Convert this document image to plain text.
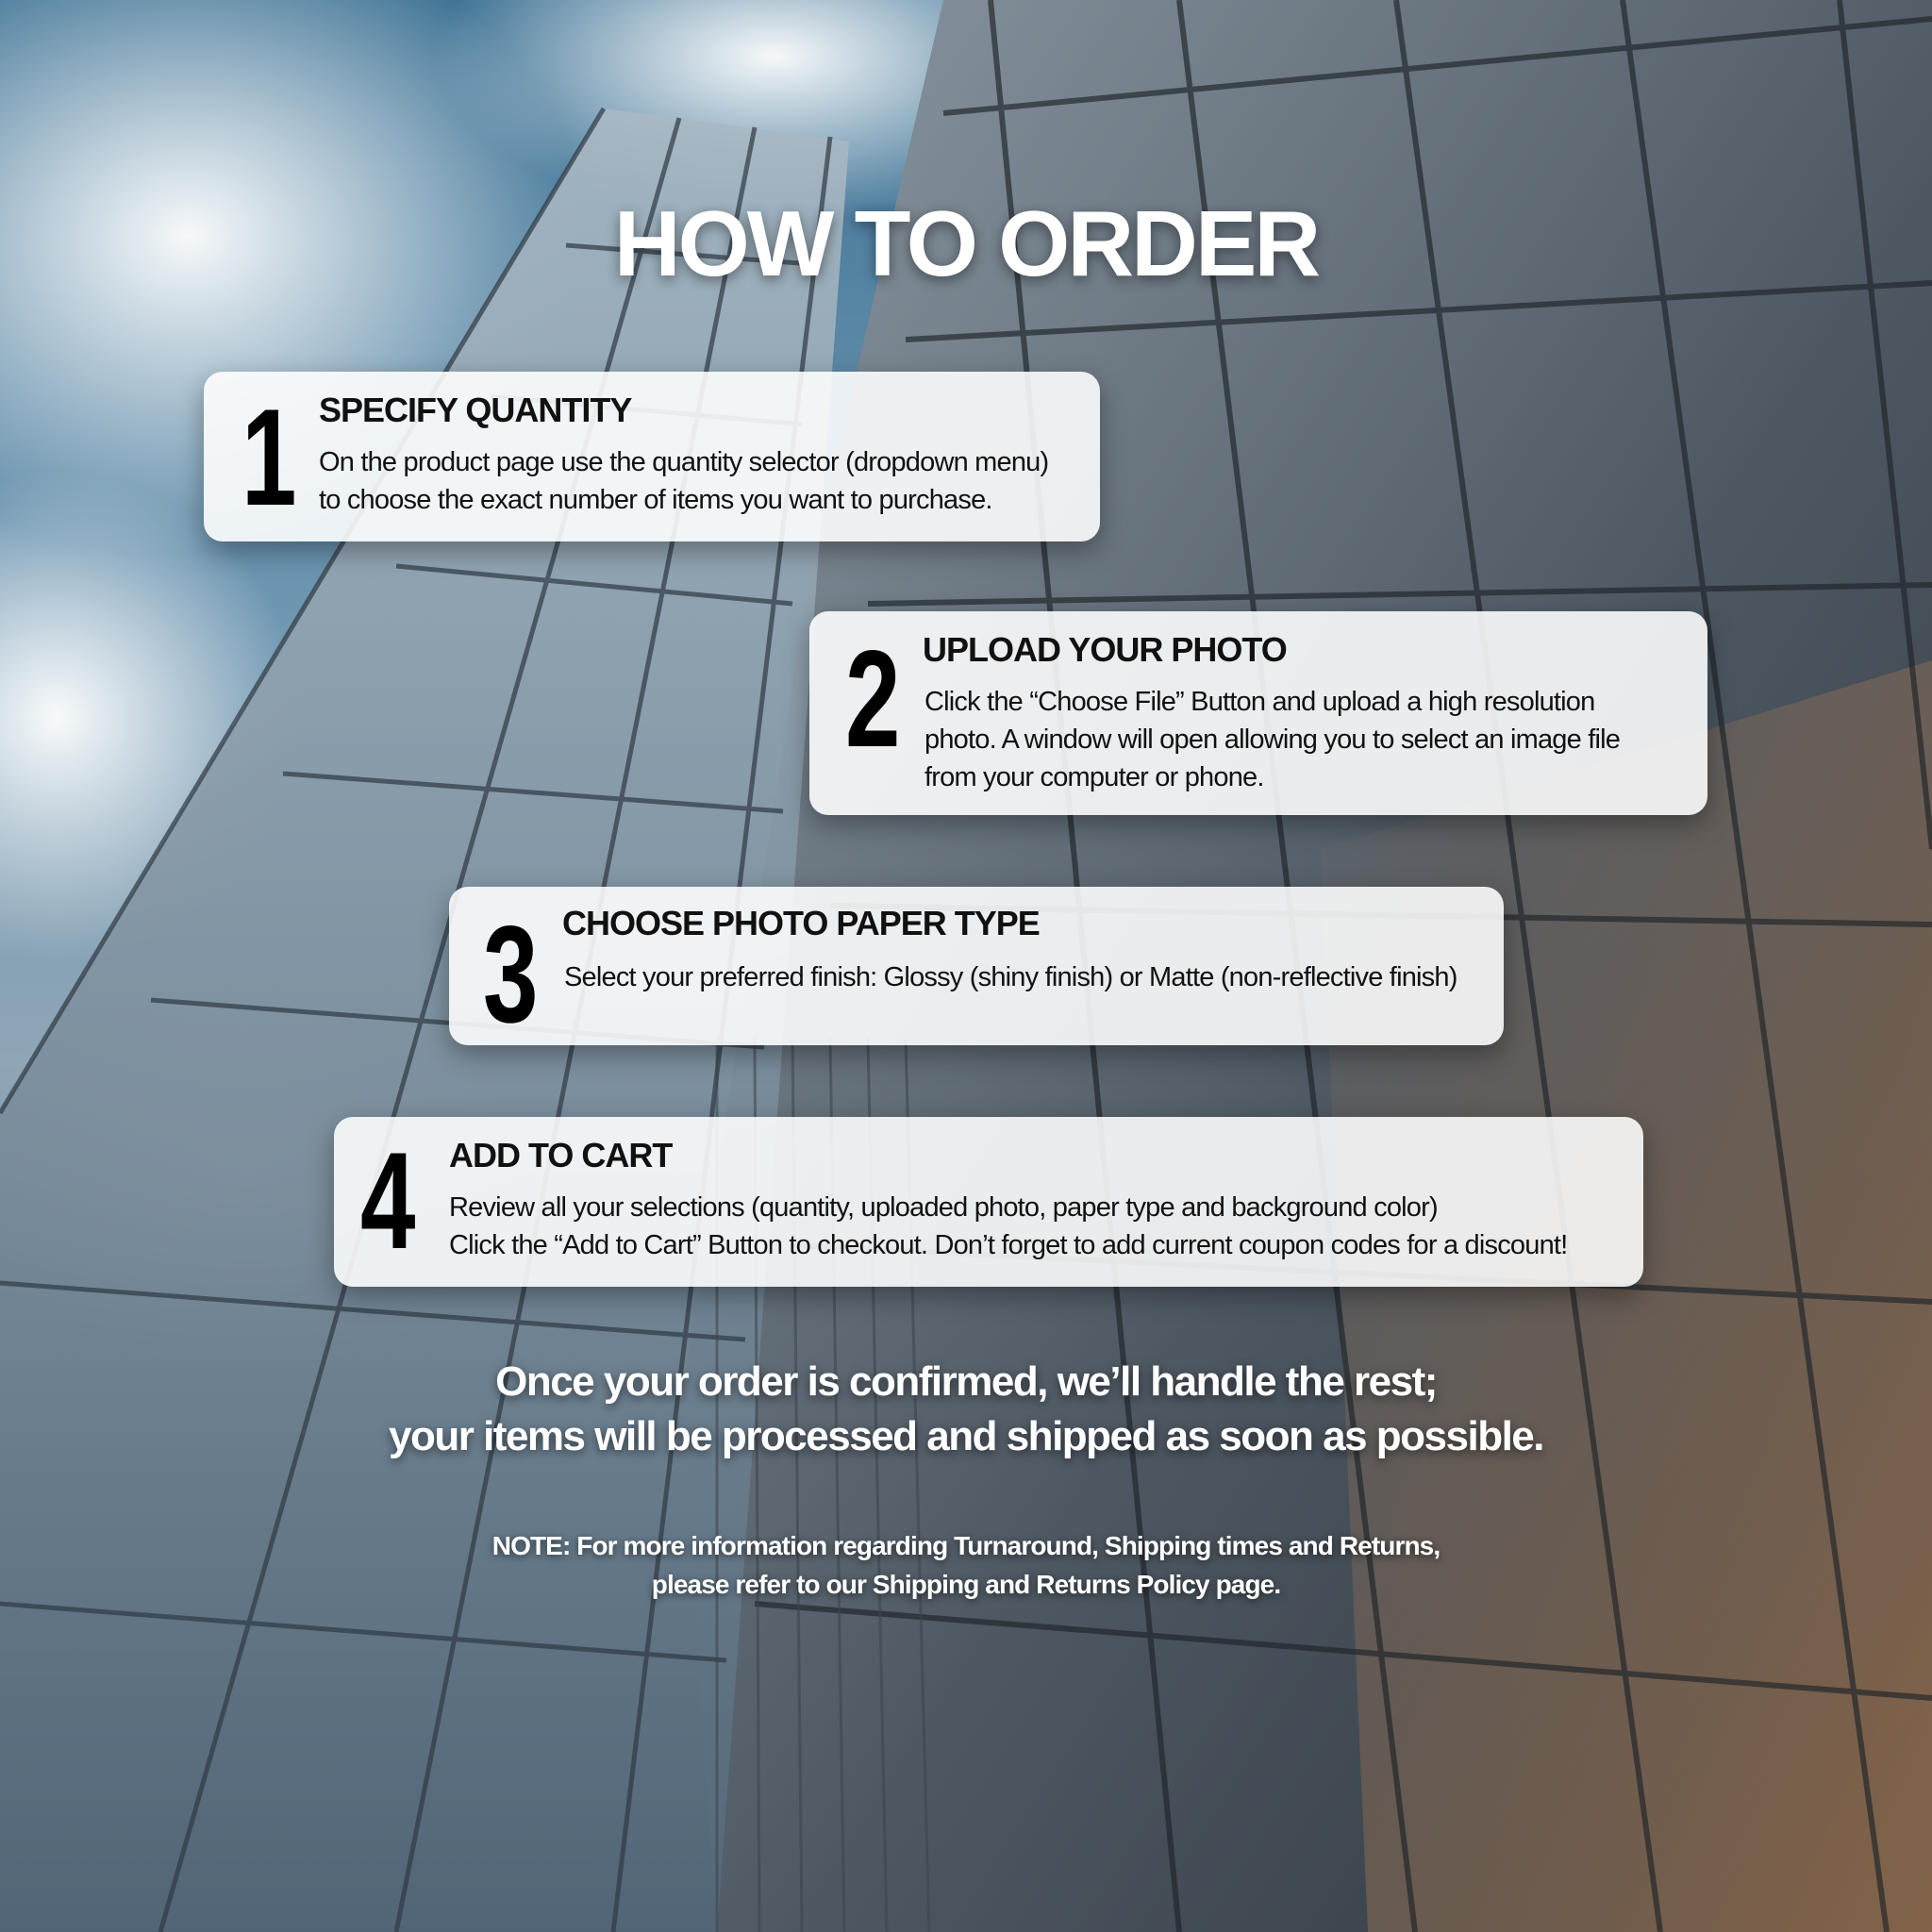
HOW TO ORDER
1 SPECIFY QUANTITY
On the product page use the quantity selector (dropdown menu)
to choose the exact number of items you want to purchase.
2 UPLOAD YOUR PHOTO
Click the “Choose File” Button and upload a high resolution
photo. A window will open allowing you to select an image file
from your computer or phone.
3 CHOOSE PHOTO PAPER TYPE
Select your preferred finish: Glossy (shiny finish) or Matte (non-reflective finish)
4 ADD TO CART
Review all your selections (quantity, uploaded photo, paper type and background color)
Click the “Add to Cart” Button to checkout. Don’t forget to add current coupon codes for a discount!
Once your order is confirmed, we’ll handle the rest;
your items will be processed and shipped as soon as possible.
NOTE: For more information regarding Turnaround, Shipping times and Returns,
please refer to our Shipping and Returns Policy page.
